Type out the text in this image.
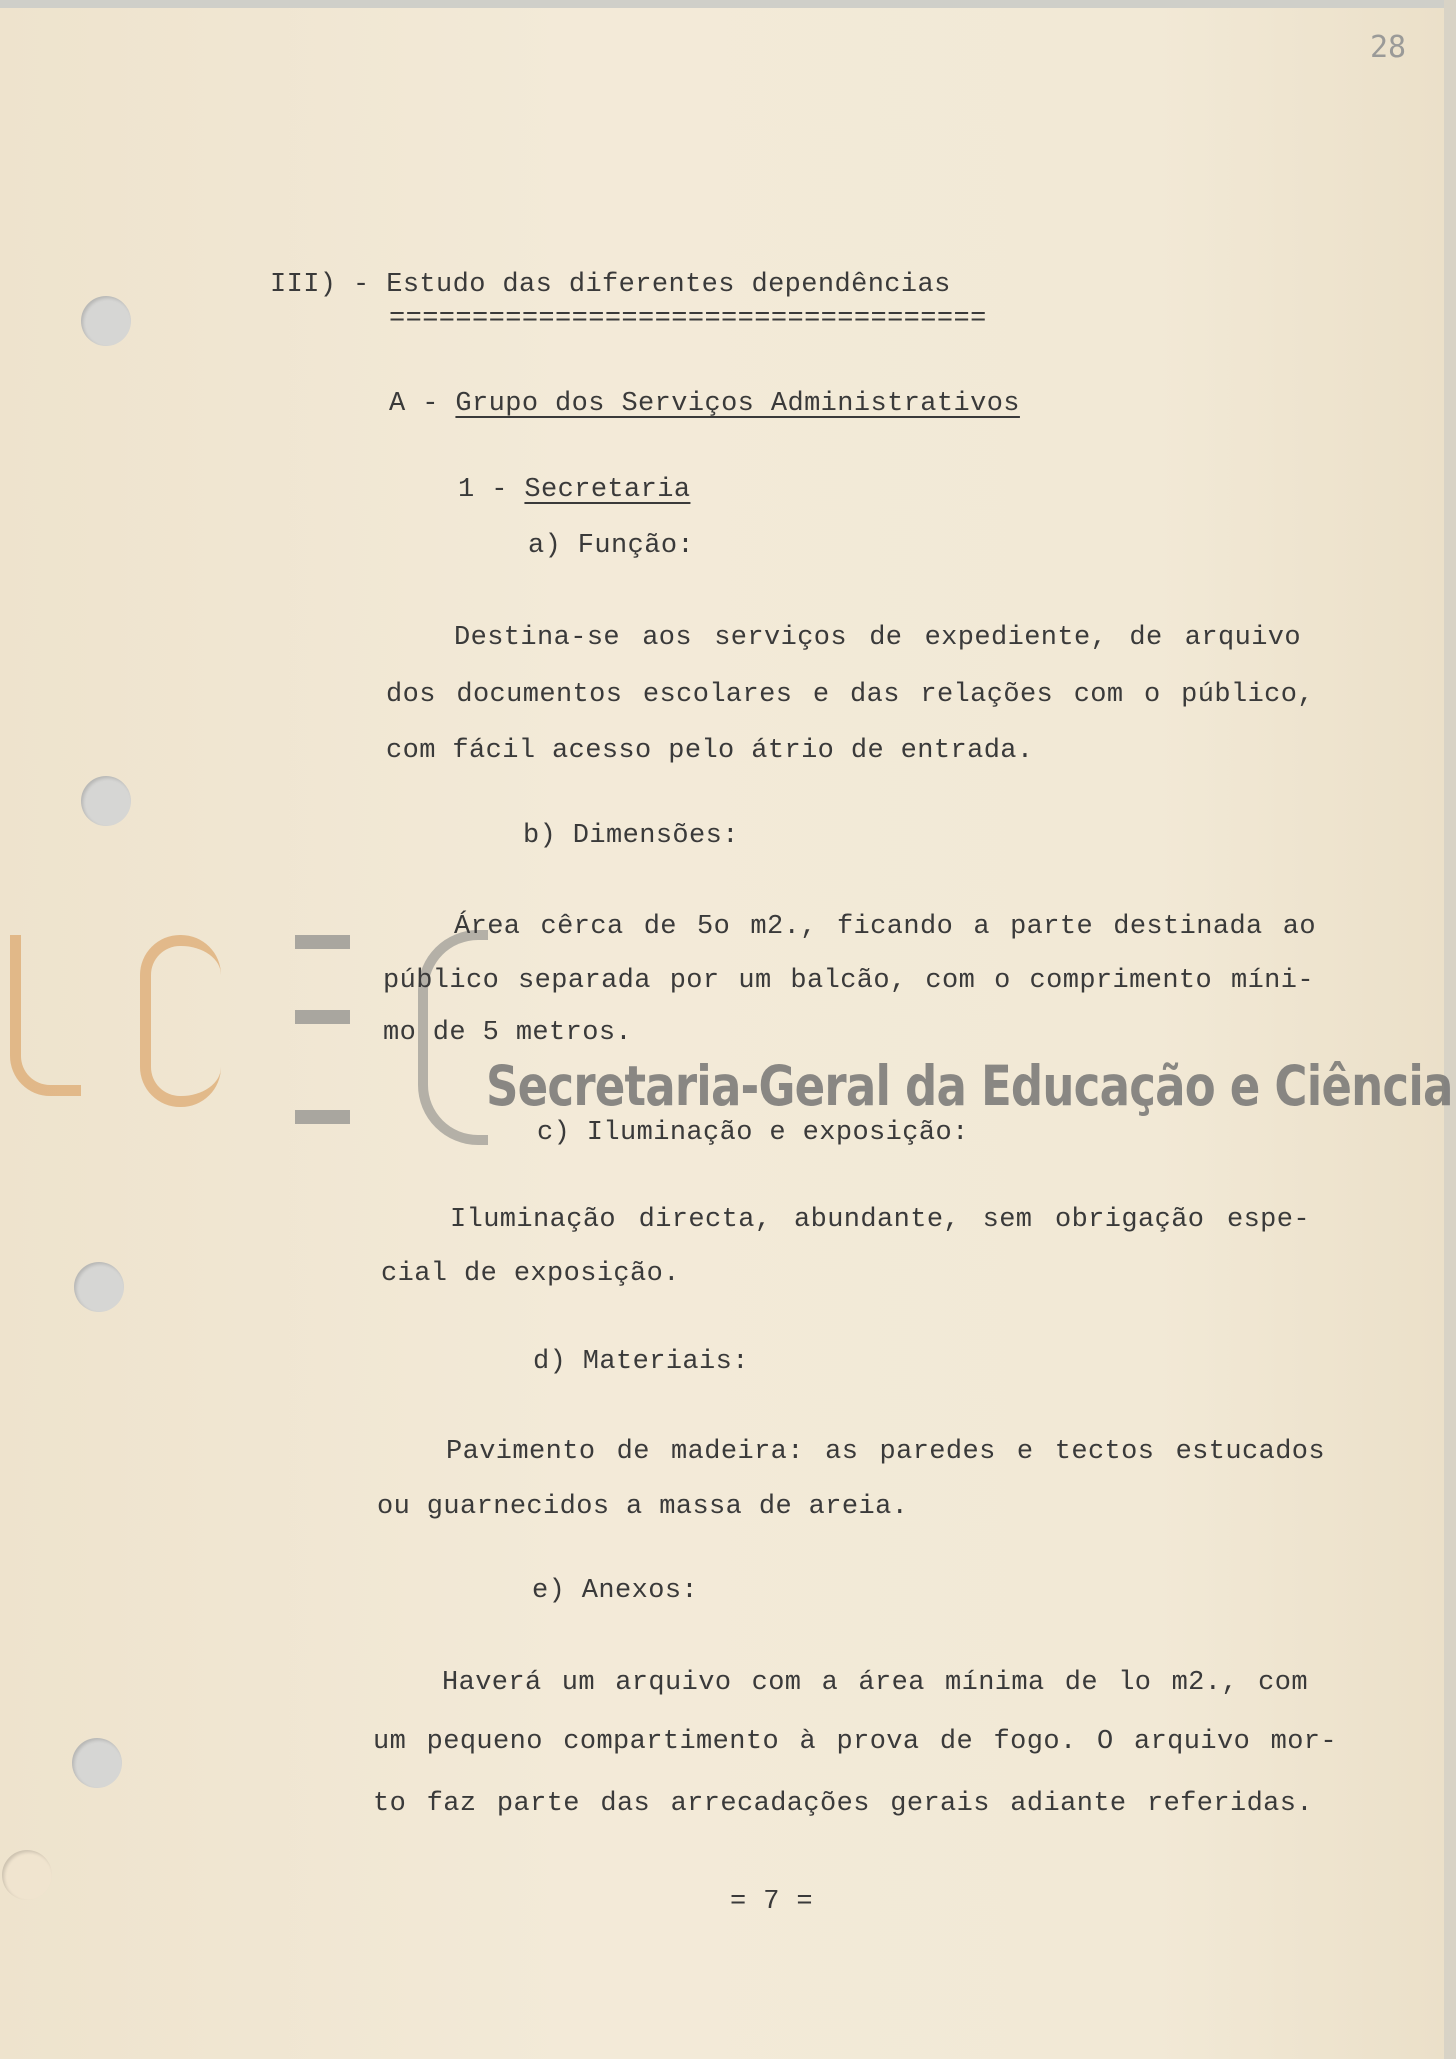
28
III) - Estudo das diferentes dependências
====================================
A - Grupo dos Serviços Administrativos
1 - Secretaria
a) Função:
Destina-se aos serviços de expediente, de arquivo
dos documentos escolares e das relações com o público,
com fácil acesso pelo átrio de entrada.
b) Dimensões:
Área cêrca de 5o m2., ficando a parte destinada ao
público separada por um balcão, com o comprimento míni-
mo de 5 metros.
Secretaria-Geral da Educação e Ciência
c) Iluminação e exposição:
Iluminação directa, abundante, sem obrigação espe-
cial de exposição.
d) Materiais:
Pavimento de madeira: as paredes e tectos estucados
ou guarnecidos a massa de areia.
e) Anexos:
Haverá um arquivo com a área mínima de lo m2., com
um pequeno compartimento à prova de fogo. O arquivo mor-
to faz parte das arrecadações gerais adiante referidas.
= 7 =
